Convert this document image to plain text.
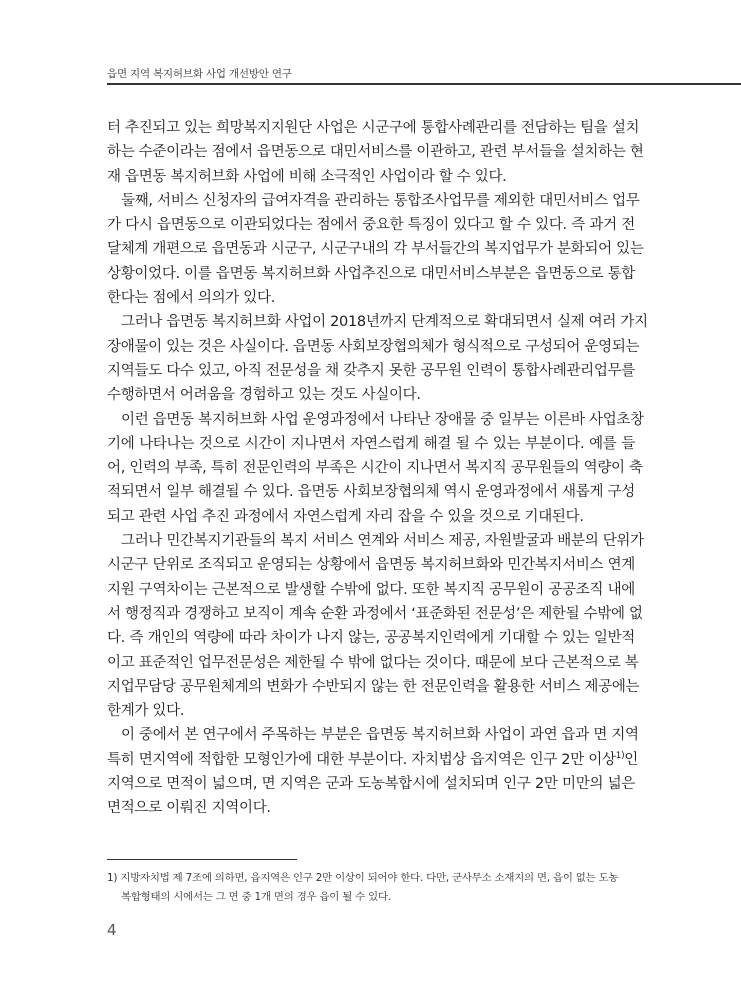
읍면 지역 복지허브화 사업 개선방안 연구

터 추진되고 있는 희망복지지원단 사업은 시군구에 통합사례관리를 전담하는 팀을 설치
하는 수준이라는 점에서 읍면동으로 대민서비스를 이관하고, 관련 부서들을 설치하는 현
재 읍면동 복지허브화 사업에 비해 소극적인 사업이라 할 수 있다.

둘째, 서비스 신청자의 급여자격을 관리하는 통합조사업무를 제외한 대민서비스 업무
가 다시 읍면동으로 이관되었다는 점에서 중요한 특징이 있다고 할 수 있다. 즉 과거 전
달체계 개편으로 읍면동과 시군구, 시군구내의 각 부서들간의 복지업무가 분화되어 있는
상황이었다. 이를 읍면동 복지허브화 사업추진으로 대민서비스부분은 읍면동으로 통합
한다는 점에서 의의가 있다.

그러나 읍면동 복지허브화 사업이 2018년까지 단계적으로 확대되면서 실제 여러 가지
장애물이 있는 것은 사실이다. 읍면동 사회보장협의체가 형식적으로 구성되어 운영되는
지역들도 다수 있고, 아직 전문성을 채 갖추지 못한 공무원 인력이 통합사례관리업무를
수행하면서 어려움을 경험하고 있는 것도 사실이다.

이런 읍면동 복지허브화 사업 운영과정에서 나타난 장애물 중 일부는 이른바 사업초창
기에 나타나는 것으로 시간이 지나면서 자연스럽게 해결 될 수 있는 부분이다. 예를 들
어, 인력의 부족, 특히 전문인력의 부족은 시간이 지나면서 복지직 공무원들의 역량이 축
적되면서 일부 해결될 수 있다. 읍면동 사회보장협의체 역시 운영과정에서 새롭게 구성
되고 관련 사업 추진 과정에서 자연스럽게 자리 잡을 수 있을 것으로 기대된다.

그러나 민간복지기관들의 복지 서비스 연계와 서비스 제공, 자원발굴과 배분의 단위가
시군구 단위로 조직되고 운영되는 상황에서 읍면동 복지허브화와 민간복지서비스 연계
지원 구역차이는 근본적으로 발생할 수밖에 없다. 또한 복지직 공무원이 공공조직 내에
서 행정직과 경쟁하고 보직이 계속 순환 과정에서 ‘표준화된 전문성’은 제한될 수밖에 없
다. 즉 개인의 역량에 따라 차이가 나지 않는, 공공복지인력에게 기대할 수 있는 일반적
이고 표준적인 업무전문성은 제한될 수 밖에 없다는 것이다. 때문에 보다 근본적으로 복
지업무담당 공무원체계의 변화가 수반되지 않는 한 전문인력을 활용한 서비스 제공에는
한계가 있다.

이 중에서 본 연구에서 주목하는 부분은 읍면동 복지허브화 사업이 과연 읍과 면 지역
특히 면지역에 적합한 모형인가에 대한 부분이다. 자치법상 읍지역은 인구 2만 이상$^{1)}$인
지역으로 면적이 넓으며, 면 지역은 군과 도농복합시에 설치되며 인구 2만 미만의 넓은
면적으로 이뤄진 지역이다.

1) 지방자치법 제 7조에 의하면, 읍지역은 인구 2만 이상이 되어야 한다. 다만, 군사무소 소재지의 면, 읍이 없는 도농
복합형태의 시에서는 그 면 중 1개 면의 경우 읍이 될 수 있다.
4
